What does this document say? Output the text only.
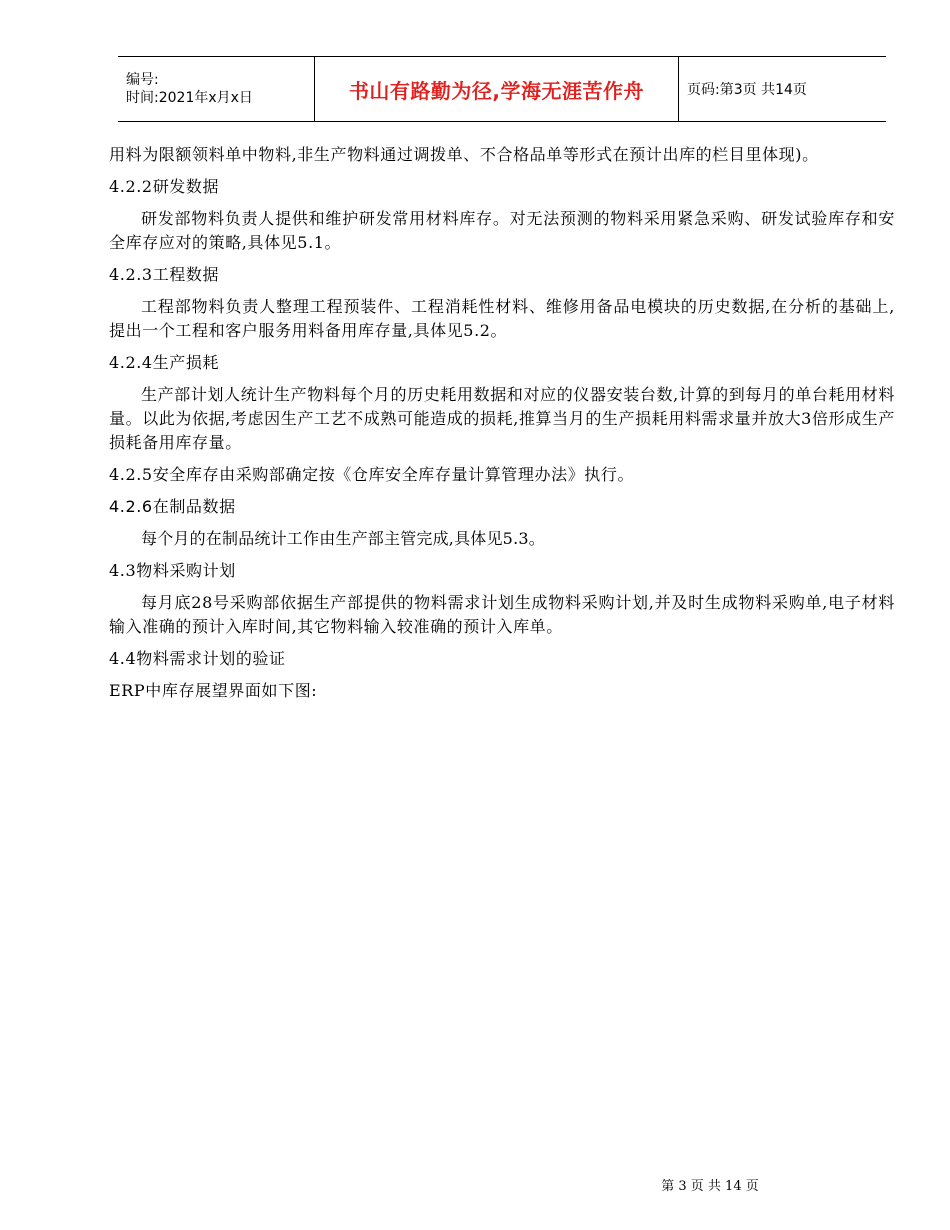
编号:
时间:2021年x月x日	书山有路勤为径,学海无涯苦作舟	页码:第3页 共14页

用料为限额领料单中物料,非生产物料通过调拨单、不合格品单等形式在预计出库的栏目里体现)。

4.2.2研发数据

研发部物料负责人提供和维护研发常用材料库存。对无法预测的物料采用紧急采购、研发试验库存和安全库存应对的策略,具体见5.1。

4.2.3工程数据

工程部物料负责人整理工程预装件、工程消耗性材料、维修用备品电模块的历史数据,在分析的基础上,提出一个工程和客户服务用料备用库存量,具体见5.2。

4.2.4生产损耗

生产部计划人统计生产物料每个月的历史耗用数据和对应的仪器安装台数,计算的到每月的单台耗用材料量。以此为依据,考虑因生产工艺不成熟可能造成的损耗,推算当月的生产损耗用料需求量并放大3倍形成生产损耗备用库存量。

4.2.5安全库存由采购部确定按《仓库安全库存量计算管理办法》执行。

4.2.6在制品数据

每个月的在制品统计工作由生产部主管完成,具体见5.3。

4.3物料采购计划

每月底28号采购部依据生产部提供的物料需求计划生成物料采购计划,并及时生成物料采购单,电子材料输入准确的预计入库时间,其它物料输入较准确的预计入库单。

4.4物料需求计划的验证

ERP中库存展望界面如下图:

第 3 页 共 14 页
